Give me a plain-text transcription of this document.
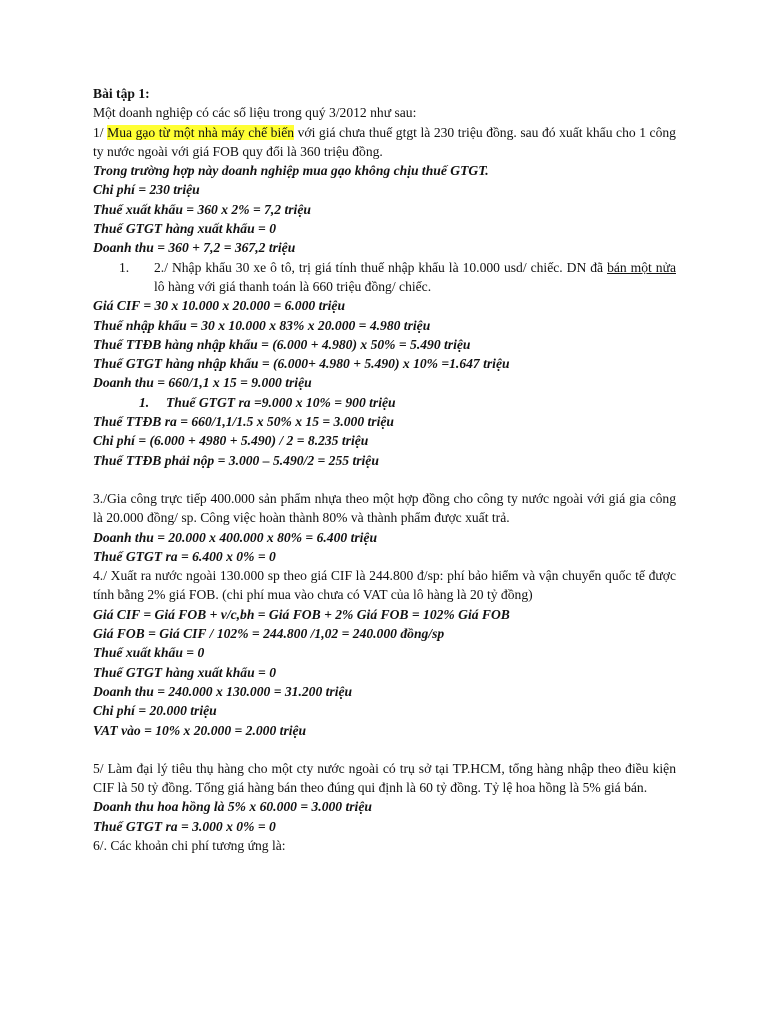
Bài tập 1:

Một doanh nghiệp có các số liệu trong quý 3/2012 như sau:

1/ Mua gạo từ một nhà máy chế biến với giá chưa thuế gtgt là 230 triệu đồng. sau đó xuất khẩu cho 1 công ty nước ngoài với giá FOB quy đổi là 360 triệu đồng.

Trong trường hợp này doanh nghiệp mua gạo không chịu thuế GTGT.

Chi phí = 230 triệu

Thuế xuất khẩu = 360 x 2% = 7,2 triệu

Thuế GTGT hàng xuất khẩu = 0

Doanh thu = 360 + 7,2 = 367,2 triệu

1.	2./ Nhập khẩu 30 xe ô tô, trị giá tính thuế nhập khẩu là 10.000 usd/ chiếc. DN đã bán một nửa lô hàng với giá thanh toán là 660 triệu đồng/ chiếc.

Giá CIF = 30 x 10.000 x 20.000 = 6.000 triệu

Thuế nhập khẩu = 30 x 10.000 x 83% x 20.000 = 4.980 triệu

Thuế TTĐB hàng nhập khẩu = (6.000 + 4.980) x 50% = 5.490 triệu

Thuế GTGT hàng nhập khẩu = (6.000+ 4.980 + 5.490) x 10% =1.647 triệu

Doanh thu = 660/1,1 x 15 = 9.000 triệu

1. Thuế GTGT ra =9.000 x 10% = 900 triệu

Thuế TTĐB ra = 660/1,1/1.5 x 50% x 15 = 3.000 triệu

Chi phí = (6.000 + 4980 + 5.490) / 2 = 8.235 triệu

Thuế TTĐB phải nộp = 3.000 – 5.490/2 = 255 triệu

3./Gia công trực tiếp 400.000 sản phẩm nhựa theo một hợp đồng cho công ty nước ngoài với giá gia công là 20.000 đồng/ sp. Công việc hoàn thành 80% và thành phẩm được xuất trả.

Doanh thu = 20.000 x 400.000 x 80% = 6.400 triệu

Thuế GTGT ra = 6.400 x 0% = 0

4./ Xuất ra nước ngoài 130.000 sp theo giá CIF là 244.800 đ/sp: phí bảo hiểm và vận chuyển quốc tế được tính bằng 2% giá FOB. (chi phí mua vào chưa có VAT của lô hàng là 20 tỷ đồng)

Giá CIF = Giá FOB + v/c,bh = Giá FOB + 2% Giá FOB = 102% Giá FOB

Giá FOB = Giá CIF / 102% = 244.800 /1,02 = 240.000 đồng/sp

Thuế xuất khẩu = 0

Thuế GTGT hàng xuất khẩu = 0

Doanh thu = 240.000 x 130.000 = 31.200 triệu

Chi phí = 20.000 triệu

VAT vào = 10% x 20.000 = 2.000 triệu

5/ Làm đại lý tiêu thụ hàng cho một cty nước ngoài có trụ sở tại TP.HCM, tổng hàng nhập theo điều kiện CIF là 50 tỷ đồng. Tổng giá hàng bán theo đúng qui định là 60 tỷ đồng. Tỷ lệ hoa hồng là 5% giá bán.

Doanh thu hoa hồng là 5% x 60.000 = 3.000 triệu

Thuế GTGT ra = 3.000 x 0% = 0

6/. Các khoản chi phí tương ứng là:
